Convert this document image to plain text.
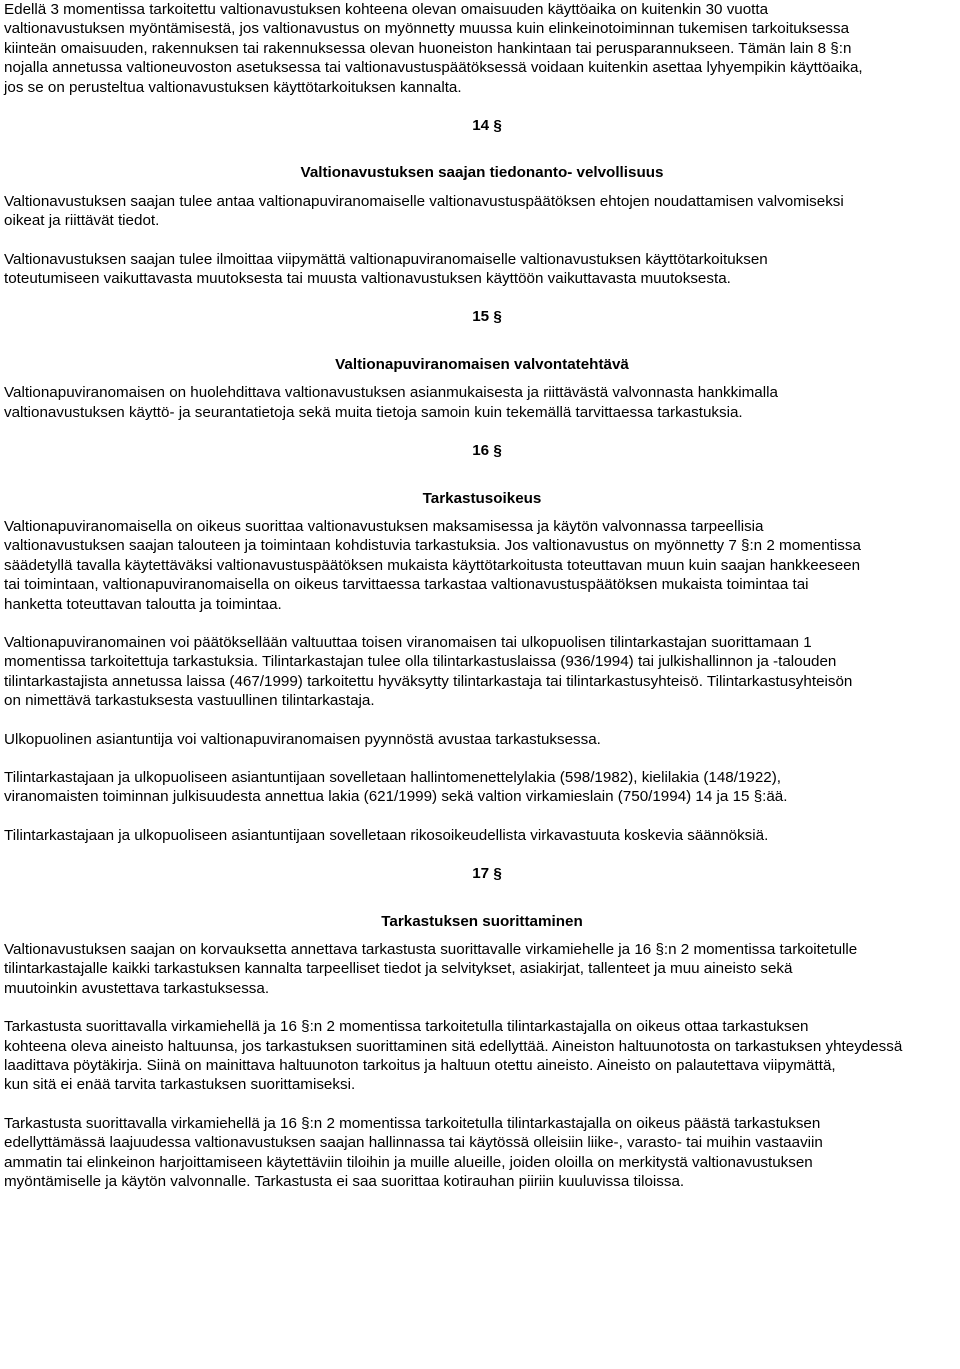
Edellä 3 momentissa tarkoitettu valtionavustuksen kohteena olevan omaisuuden käyttöaika on kuitenkin 30 vuotta
valtionavustuksen myöntämisestä, jos valtionavustus on myönnetty muussa kuin elinkeinotoiminnan tukemisen tarkoituksessa
kiinteän omaisuuden, rakennuksen tai rakennuksessa olevan huoneiston hankintaan tai perusparannukseen. Tämän lain 8 §:n
nojalla annetussa valtioneuvoston asetuksessa tai valtionavustuspäätöksessä voidaan kuitenkin asettaa lyhyempikin käyttöaika,
jos se on perusteltua valtionavustuksen käyttötarkoituksen kannalta.

14 §
Valtionavustuksen saajan tiedonanto- velvollisuus

Valtionavustuksen saajan tulee antaa valtionapuviranomaiselle valtionavustuspäätöksen ehtojen noudattamisen valvomiseksi
oikeat ja riittävät tiedot.

Valtionavustuksen saajan tulee ilmoittaa viipymättä valtionapuviranomaiselle valtionavustuksen käyttötarkoituksen
toteutumiseen vaikuttavasta muutoksesta tai muusta valtionavustuksen käyttöön vaikuttavasta muutoksesta.

15 §
Valtionapuviranomaisen valvontatehtävä

Valtionapuviranomaisen on huolehdittava valtionavustuksen asianmukaisesta ja riittävästä valvonnasta hankkimalla
valtionavustuksen käyttö- ja seurantatietoja sekä muita tietoja samoin kuin tekemällä tarvittaessa tarkastuksia.

16 §
Tarkastusoikeus

Valtionapuviranomaisella on oikeus suorittaa valtionavustuksen maksamisessa ja käytön valvonnassa tarpeellisia
valtionavustuksen saajan talouteen ja toimintaan kohdistuvia tarkastuksia. Jos valtionavustus on myönnetty 7 §:n 2 momentissa
säädetyllä tavalla käytettäväksi valtionavustuspäätöksen mukaista käyttötarkoitusta toteuttavan muun kuin saajan hankkeeseen
tai toimintaan, valtionapuviranomaisella on oikeus tarvittaessa tarkastaa valtionavustuspäätöksen mukaista toimintaa tai
hanketta toteuttavan taloutta ja toimintaa.

Valtionapuviranomainen voi päätöksellään valtuuttaa toisen viranomaisen tai ulkopuolisen tilintarkastajan suorittamaan 1
momentissa tarkoitettuja tarkastuksia. Tilintarkastajan tulee olla tilintarkastuslaissa (936/1994) tai julkishallinnon ja -talouden
tilintarkastajista annetussa laissa (467/1999) tarkoitettu hyväksytty tilintarkastaja tai tilintarkastusyhteisö. Tilintarkastusyhteisön
on nimettävä tarkastuksesta vastuullinen tilintarkastaja.

Ulkopuolinen asiantuntija voi valtionapuviranomaisen pyynnöstä avustaa tarkastuksessa.

Tilintarkastajaan ja ulkopuoliseen asiantuntijaan sovelletaan hallintomenettelylakia (598/1982), kielilakia (148/1922),
viranomaisten toiminnan julkisuudesta annettua lakia (621/1999) sekä valtion virkamieslain (750/1994) 14 ja 15 §:ää.

Tilintarkastajaan ja ulkopuoliseen asiantuntijaan sovelletaan rikosoikeudellista virkavastuuta koskevia säännöksiä.

17 §
Tarkastuksen suorittaminen

Valtionavustuksen saajan on korvauksetta annettava tarkastusta suorittavalle virkamiehelle ja 16 §:n 2 momentissa tarkoitetulle
tilintarkastajalle kaikki tarkastuksen kannalta tarpeelliset tiedot ja selvitykset, asiakirjat, tallenteet ja muu aineisto sekä
muutoinkin avustettava tarkastuksessa.

Tarkastusta suorittavalla virkamiehellä ja 16 §:n 2 momentissa tarkoitetulla tilintarkastajalla on oikeus ottaa tarkastuksen
kohteena oleva aineisto haltuunsa, jos tarkastuksen suorittaminen sitä edellyttää. Aineiston haltuunotosta on tarkastuksen yhteydessä
laadittava pöytäkirja. Siinä on mainittava haltuunoton tarkoitus ja haltuun otettu aineisto. Aineisto on palautettava viipymättä,
kun sitä ei enää tarvita tarkastuksen suorittamiseksi.

Tarkastusta suorittavalla virkamiehellä ja 16 §:n 2 momentissa tarkoitetulla tilintarkastajalla on oikeus päästä tarkastuksen
edellyttämässä laajuudessa valtionavustuksen saajan hallinnassa tai käytössä olleisiin liike-, varasto- tai muihin vastaaviin
ammatin tai elinkeinon harjoittamiseen käytettäviin tiloihin ja muille alueille, joiden oloilla on merkitystä valtionavustuksen
myöntämiselle ja käytön valvonnalle. Tarkastusta ei saa suorittaa kotirauhan piiriin kuuluvissa tiloissa.
